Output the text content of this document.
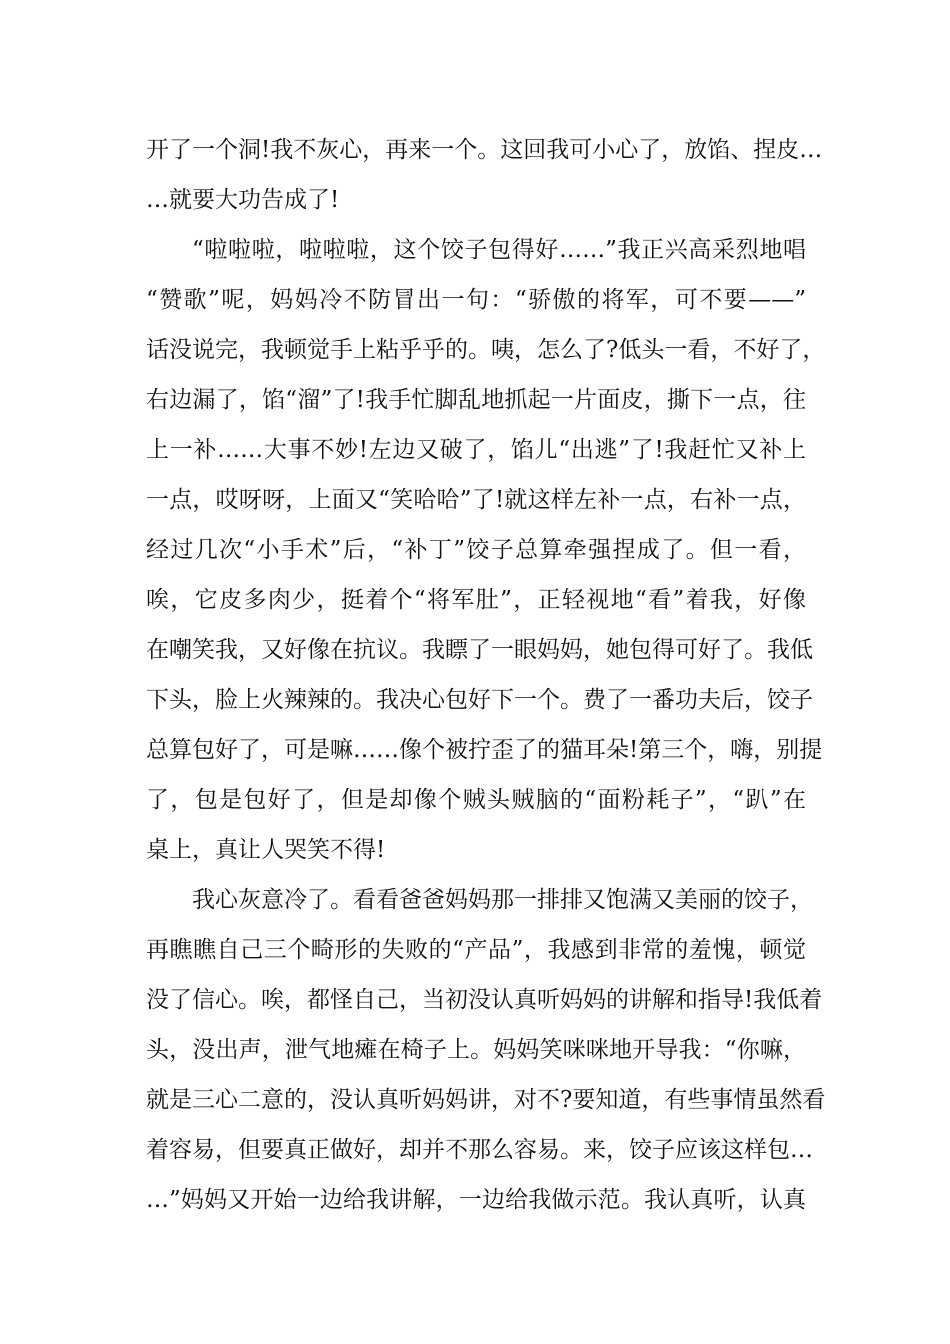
开了一个洞!我不灰心，再来一个。这回我可小心了，放馅、捏皮…
…就要大功告成了!
“啦啦啦，啦啦啦，这个饺子包得好……”我正兴高采烈地唱
“赞歌”呢，妈妈冷不防冒出一句：“骄傲的将军，可不要——”
话没说完，我顿觉手上粘乎乎的。咦，怎么了?低头一看，不好了，
右边漏了，馅“溜”了!我手忙脚乱地抓起一片面皮，撕下一点，往
上一补……大事不妙!左边又破了，馅儿“出逃”了!我赶忙又补上
一点，哎呀呀，上面又“笑哈哈”了!就这样左补一点，右补一点，
经过几次“小手术”后，“补丁”饺子总算牵强捏成了。但一看，
唉，它皮多肉少，挺着个“将军肚”，正轻视地“看”着我，好像
在嘲笑我，又好像在抗议。我瞟了一眼妈妈，她包得可好了。我低
下头，脸上火辣辣的。我决心包好下一个。费了一番功夫后，饺子
总算包好了，可是嘛……像个被拧歪了的猫耳朵!第三个，嗨，别提
了，包是包好了，但是却像个贼头贼脑的“面粉耗子”，“趴”在
桌上，真让人哭笑不得!
我心灰意冷了。看看爸爸妈妈那一排排又饱满又美丽的饺子，
再瞧瞧自己三个畸形的失败的“产品”，我感到非常的羞愧，顿觉
没了信心。唉，都怪自己，当初没认真听妈妈的讲解和指导!我低着
头，没出声，泄气地瘫在椅子上。妈妈笑咪咪地开导我：“你嘛，
就是三心二意的，没认真听妈妈讲，对不?要知道，有些事情虽然看
着容易，但要真正做好，却并不那么容易。来，饺子应该这样包…
…”妈妈又开始一边给我讲解，一边给我做示范。我认真听，认真
